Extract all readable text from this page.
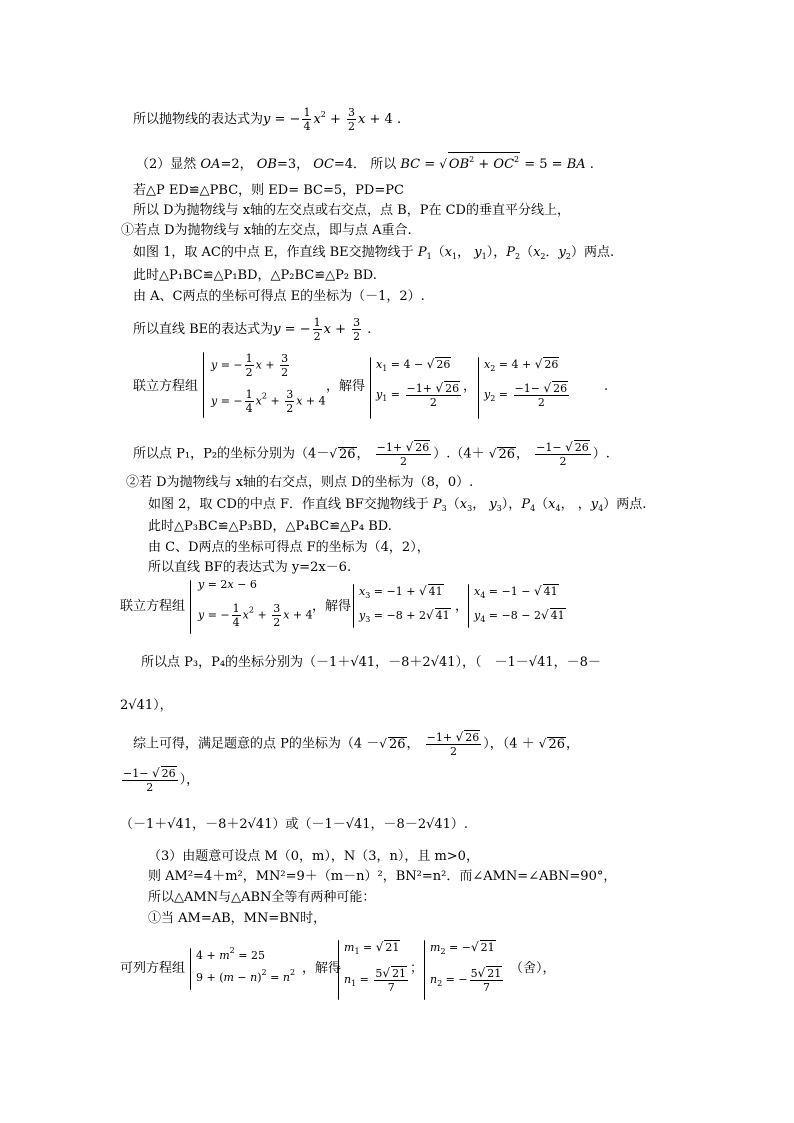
所以抛物线的表达式为y = − $\frac{1}{4} x^2 + \frac{3}{2}$ x + 4 .
（2）显然 OA=2， OB=3， OC=4． 所以 BC = √ $OB^2 + OC^2 = 5$ = BA .
若△P ED≌△PBC，则 ED= BC=5，PD=PC
所以 D为抛物线与 x轴的左交点或右交点，点 B，P在 CD的垂直平分线上，
①若点 D为抛物线与 x轴的左交点，即与点 A重合.
如图 1，取 AC的中点 E，作直线 BE交抛物线于 $P_1(x_1$， $y_1$），$P_2(x_2$．$y_2$）两点.
此时△P₁BC≌△P₁BD，△P₂BC≌△P₂ BD.
由 A、C两点的坐标可得点 E的坐标为（－1，2）.
所以直线 BE的表达式为y = − $\frac{1}{2}$ $x + \frac{3}{2}$ .
联立方程组
y = − $\frac{1}{2}$ $x + \frac{3}{2}$
y = − $\frac{1}{4} x^2 + \frac{3}{2}$ x + 4
，解得
$x_1 = 4$ − √ 26
$y_1 = \frac{-1+ √ 26}{2}$ ，
$x_2 = 4$ + √ 26
$y_2 = \frac{-1- √ 26}{2}$	.
所以点 P₁，P₂的坐标分别为（4－√ 26， $\frac{-1+ √ 26}{2} ).(4+$ √ 26， $\frac{-1- √ 26}{2}$ ）.
②若 D为抛物线与 x轴的右交点，则点 D的坐标为（8，0）.
如图 2，取 CD的中点 F．作直线 BF交抛物线于 $P_3(x_3$， $y_3$），$P_4(x_4$， ，$y_4$）两点.
此时△P₃BC≌△P₃BD，△P₄BC≌△P₄ BD.
由 C、D两点的坐标可得点 F的坐标为（4，2），
所以直线 BF的表达式为 y=2x－6.
联立方程组
y = 2x − 6
y = − $\frac{1}{4} x^2 + \frac{3}{2}$ x + 4
，解得
$x_3 = -1$ + √ 41
$y_3 = -8 + 2√$ 41
，
$x_4 = -1$ − √ 41
$y_4 = -8 - 2√$ 41
所以点 P₃，P₄的坐标分别为（－1＋√41，－8＋2√41），（　－1－√41，－8－
2√41），
综上可得，满足题意的点 P的坐标为（4 －√ 26， $\frac{-1+ √ 26}{2}$ ），（4 ＋ √ 26，
$\frac{-1- √ 26}{2}$ ），
（－1＋√41，－8＋2√41）或（－1－√41，－8－2√41）.
（3）由题意可设点 M（0，m），N（3，n），且 m>0，
则 AM²=4＋m²，MN²=9＋（m－n）²，BN²=n²．而∠AMN=∠ABN=90°，
所以△AMN与△ABN全等有两种可能：
①当 AM=AB，MN=BN时，
可列方程组
$4 + m^2 = 25$
$9 + (m - n)^2 = n^2$ ，解得
$m_1$ = √ 21
$n_1 = \frac{5√ 21}{7}$ ；
$m_2$ = −√ 21
$n_2$ = − $\frac{5√ 21}{7}$ （舍），
